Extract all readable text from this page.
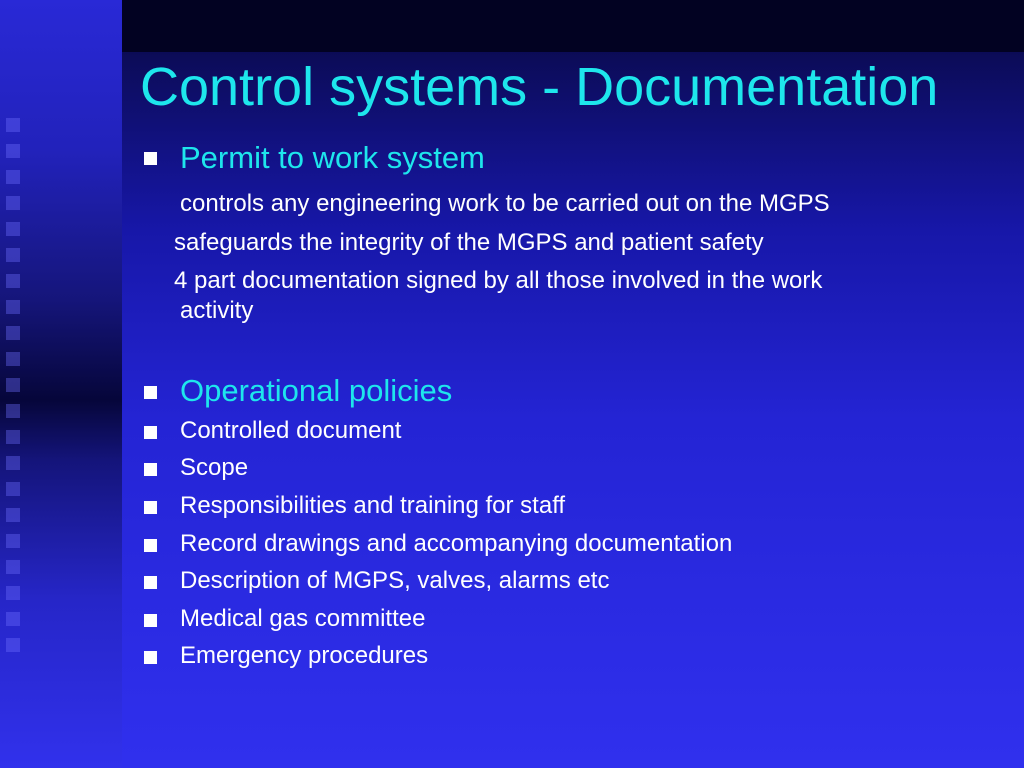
Control systems - Documentation
Permit to work system
controls any engineering work to be carried out on the MGPS
safeguards the integrity of the MGPS and patient safety
4 part documentation signed by all those involved in the work
activity
Operational policies
Controlled document
Scope
Responsibilities and training for staff
Record drawings and accompanying documentation
Description of MGPS, valves, alarms etc
Medical gas committee
Emergency procedures
